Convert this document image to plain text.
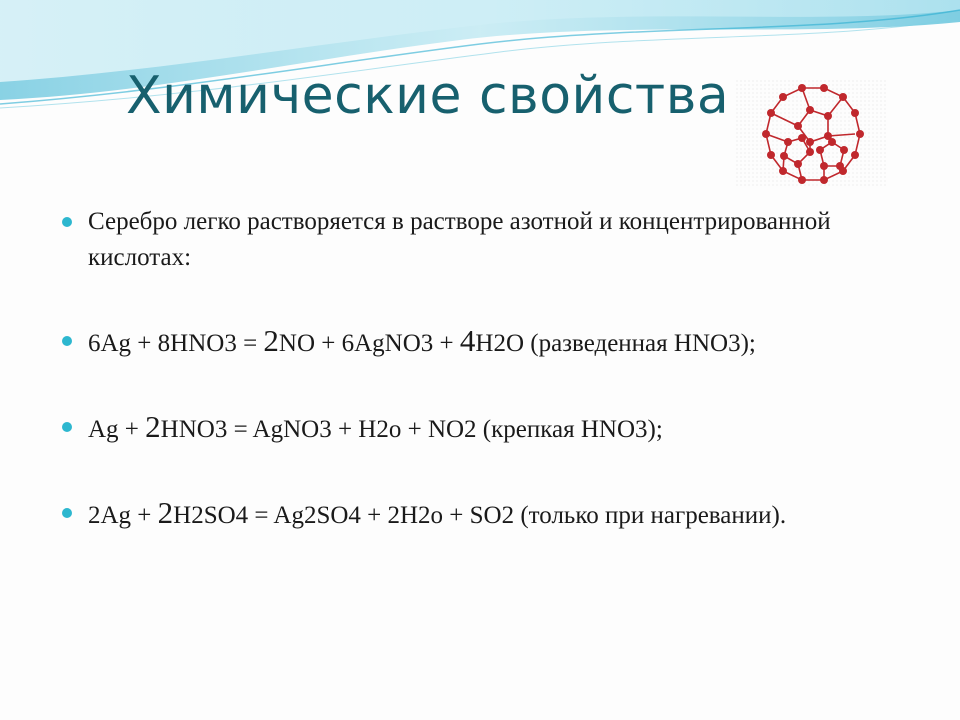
Химические свойства
Серебро легко растворяется в растворе азотной и концентрированной кислотах:
6Ag + 8HNO3 = 2NO + 6AgNO3 + 4H2O (разведенная HNO3);
Ag + 2HNO3 = AgNO3 + H2o + NO2 (крепкая HNO3);
2Ag + 2H2SO4 = Ag2SO4 + 2H2o + SO2 (только при нагревании).
